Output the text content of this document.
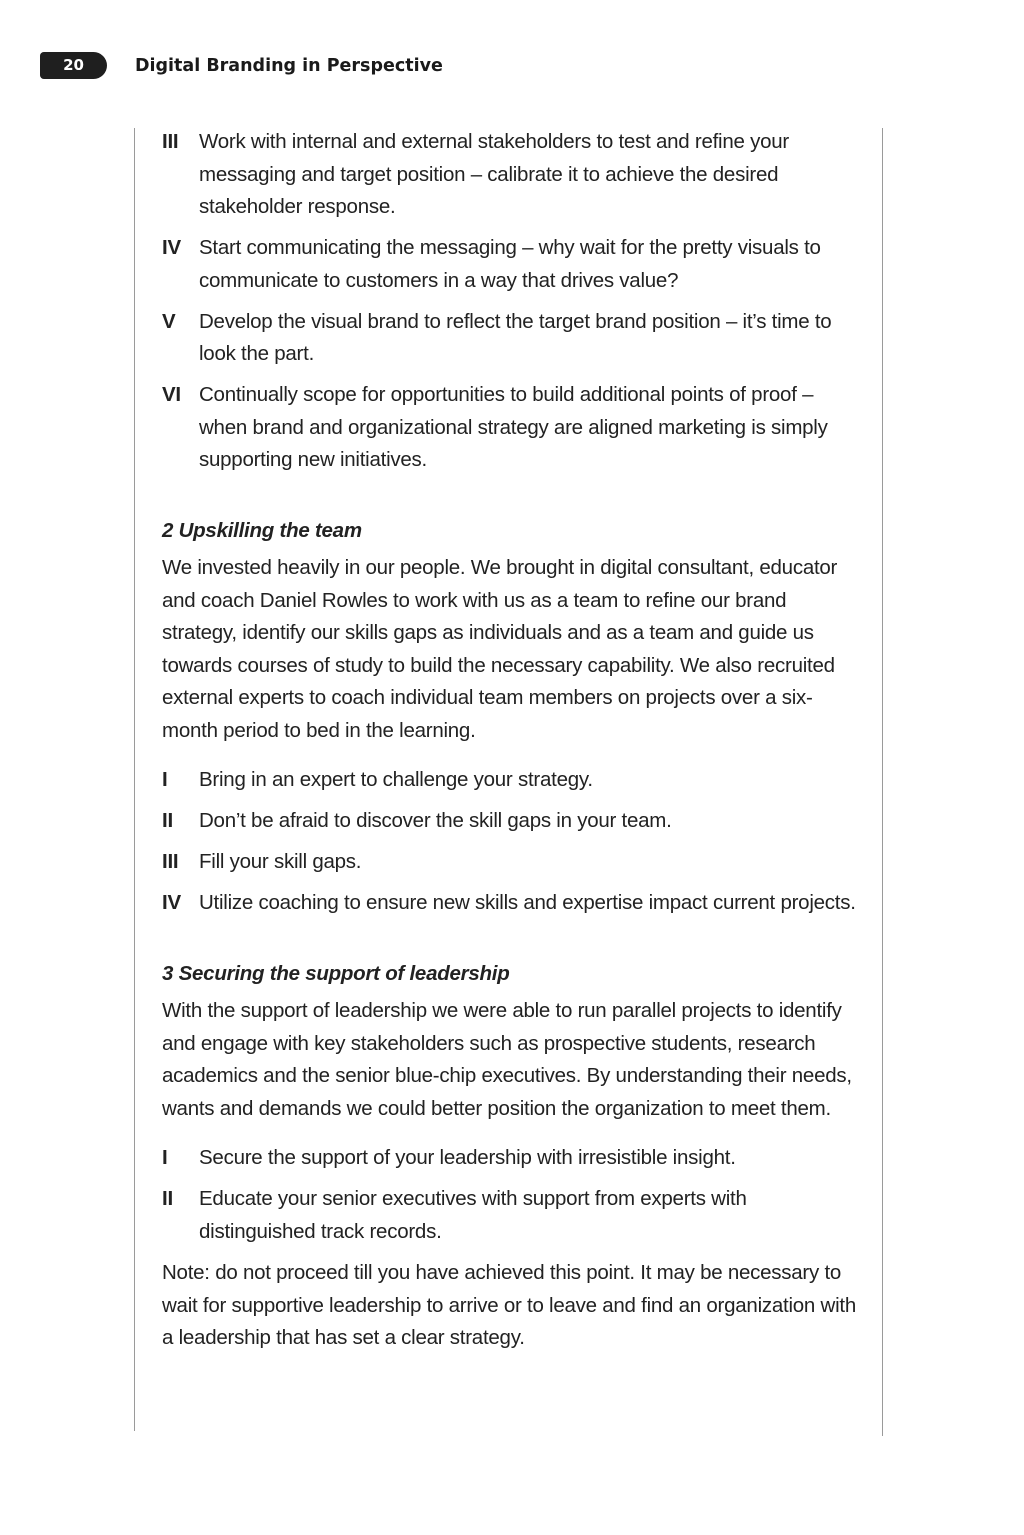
20	Digital Branding in Perspective
III Work with internal and external stakeholders to test and refine your messaging and target position – calibrate it to achieve the desired stakeholder response.
IV Start communicating the messaging – why wait for the pretty visuals to communicate to customers in a way that drives value?
V Develop the visual brand to reflect the target brand position – it’s time to look the part.
VI Continually scope for opportunities to build additional points of proof – when brand and organizational strategy are aligned marketing is simply supporting new initiatives.
2 Upskilling the team

We invested heavily in our people. We brought in digital consultant, educator and coach Daniel Rowles to work with us as a team to refine our brand strategy, identify our skills gaps as individuals and as a team and guide us towards courses of study to build the necessary capability. We also recruited external experts to coach individual team members on projects over a six-month period to bed in the learning.

I Bring in an expert to challenge your strategy.
II Don’t be afraid to discover the skill gaps in your team.
III Fill your skill gaps.
IV Utilize coaching to ensure new skills and expertise impact current projects.
3 Securing the support of leadership

With the support of leadership we were able to run parallel projects to identify and engage with key stakeholders such as prospective students, research academics and the senior blue-chip executives. By understanding their needs, wants and demands we could better position the organization to meet them.

I Secure the support of your leadership with irresistible insight.
II Educate your senior executives with support from experts with distinguished track records.

Note: do not proceed till you have achieved this point. It may be necessary to wait for supportive leadership to arrive or to leave and find an organization with a leadership that has set a clear strategy.
